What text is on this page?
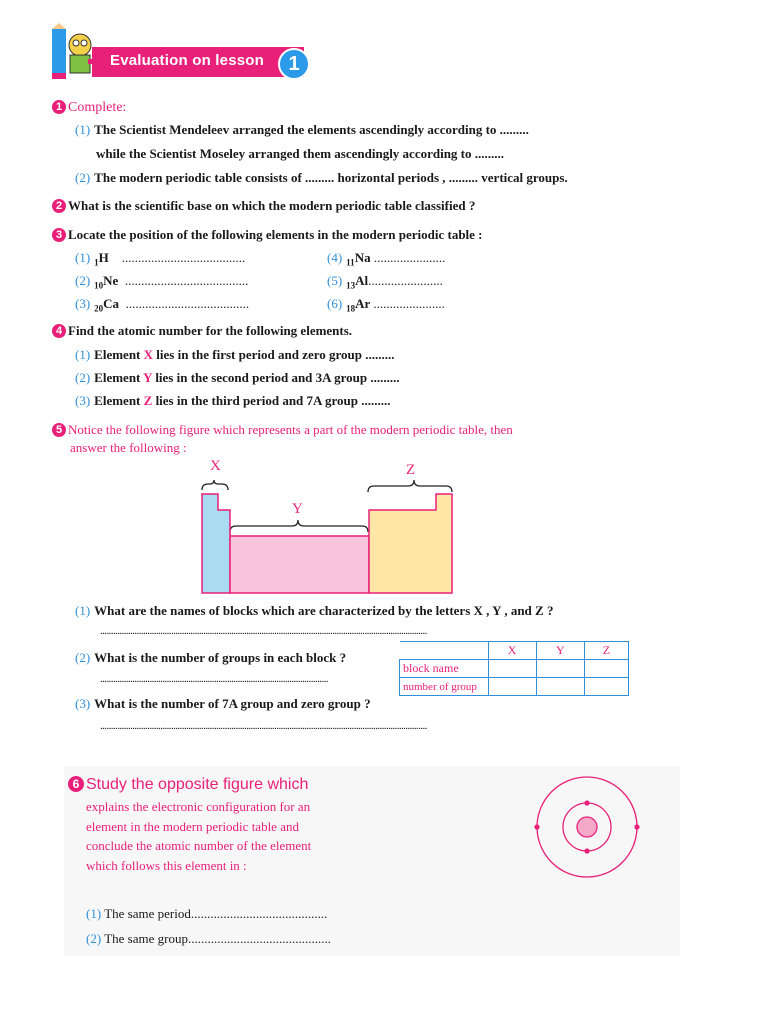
Evaluation on lesson	1
1 Complete:
(1) The Scientist Mendeleev arranged the elements ascendingly according to .........
while the Scientist Moseley arranged them ascendingly according to .........
(2) The modern periodic table consists of ......... horizontal periods , ......... vertical groups.
2 What is the scientific base on which the modern periodic table classified ?
3 Locate the position of the following elements in the modern periodic table :
(1) $_1$H ......................................
(2) $_{10}$Ne ......................................
(3) $_{20}$Ca ......................................
(4) $_{11}$Na ......................
(5) $_{13}$Al.......................
(6) $_{18}$Ar ......................
4 Find the atomic number for the following elements.
(1) Element X lies in the first period and zero group .........
(2) Element Y lies in the second period and 3A group .........
(3) Element Z lies in the third period and 7A group .........
5 Notice the following figure which represents a part of the modern periodic table, then
answer the following :
X
Y
Z
(1) What are the names of blocks which are characterized by the letters X , Y , and Z ?
........................................................................................................................................................
(2) What is the number of groups in each block ?
..........................................................................................................
	X	Y	Z
block name			
number of group			
(3) What is the number of 7A group and zero group ?
........................................................................................................................................................
6 Study the opposite figure which
explains the electronic configuration for an
element in the modern periodic table and
conclude the atomic number of the element
which follows this element in :
(1) The same period..........................................
(2) The same group............................................
